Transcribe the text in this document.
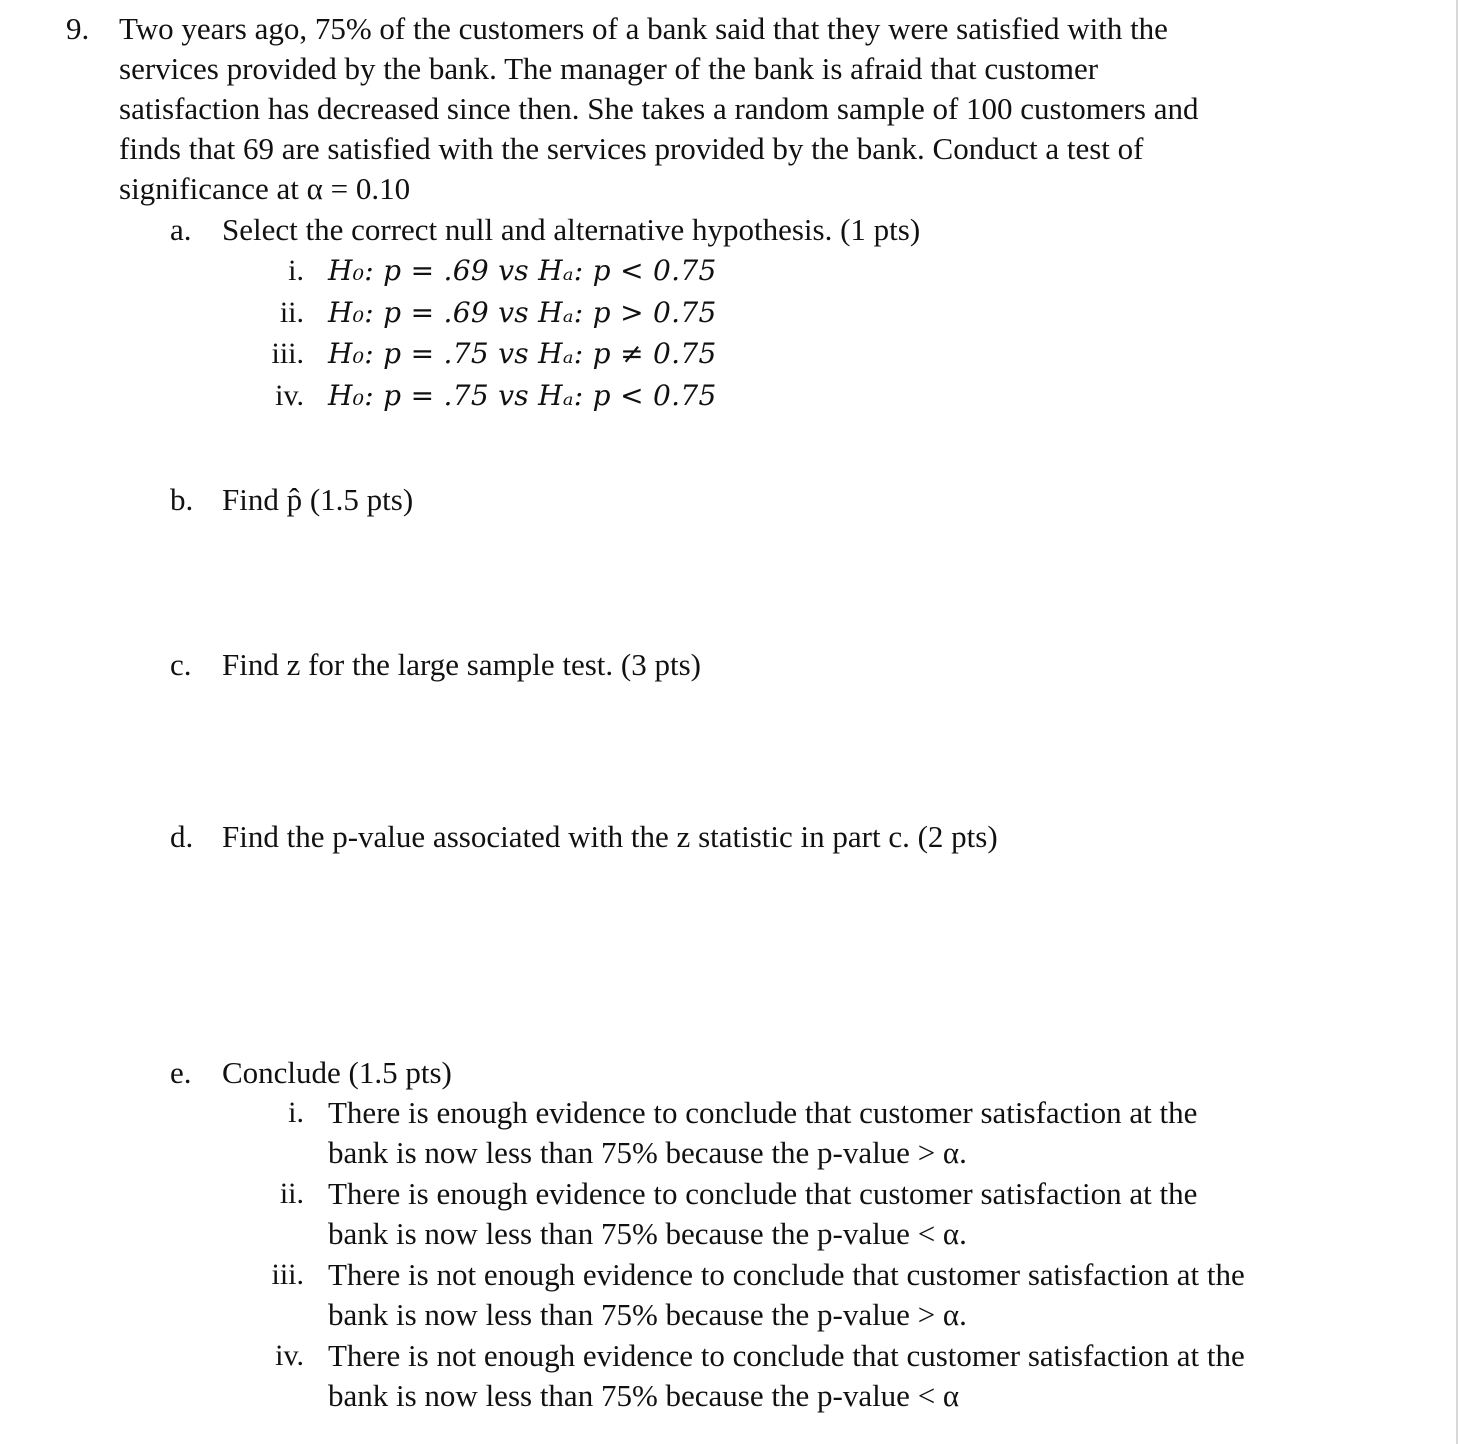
9. Two years ago, 75% of the customers of a bank said that they were satisfied with the
services provided by the bank. The manager of the bank is afraid that customer
satisfaction has decreased since then. She takes a random sample of 100 customers and
finds that 69 are satisfied with the services provided by the bank. Conduct a test of
significance at α = 0.10
a. Select the correct null and alternative hypothesis. (1 pts)
i. H₀: p = .69 vs Hₐ: p < 0.75
ii. H₀: p = .69 vs Hₐ: p > 0.75
iii. H₀: p = .75 vs Hₐ: p ≠ 0.75
iv. H₀: p = .75 vs Hₐ: p < 0.75
b. Find p̂ (1.5 pts)
c. Find z for the large sample test. (3 pts)
d. Find the p-value associated with the z statistic in part c. (2 pts)
e. Conclude (1.5 pts)
i. There is enough evidence to conclude that customer satisfaction at the
bank is now less than 75% because the p-value > α.
ii. There is enough evidence to conclude that customer satisfaction at the
bank is now less than 75% because the p-value < α.
iii. There is not enough evidence to conclude that customer satisfaction at the
bank is now less than 75% because the p-value > α.
iv. There is not enough evidence to conclude that customer satisfaction at the
bank is now less than 75% because the p-value < α
